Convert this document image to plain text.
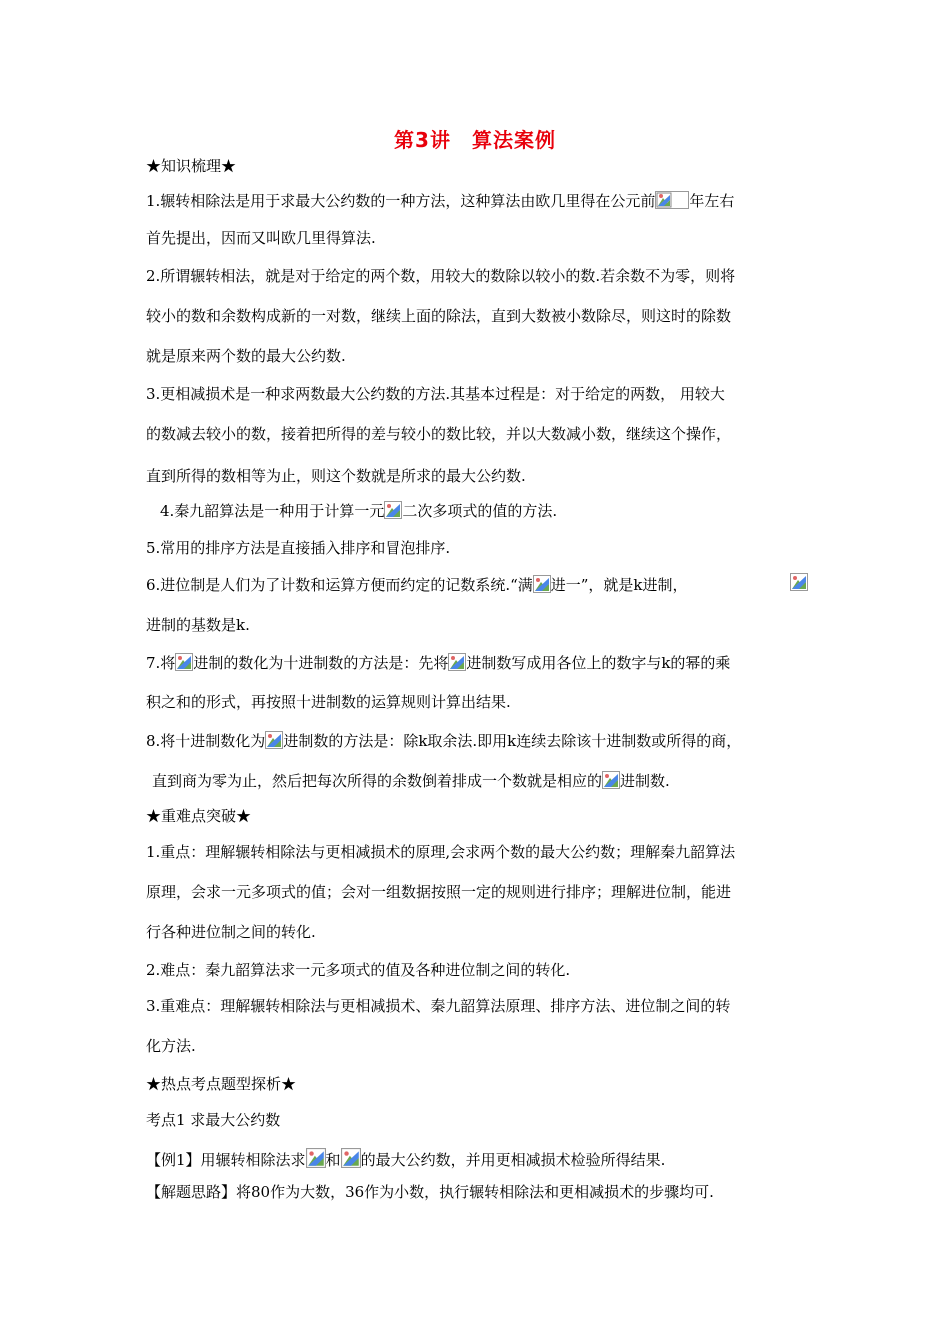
第3讲　算法案例
★知识梳理★
1.辗转相除法是用于求最大公约数的一种方法，这种算法由欧几里得在公元前 年左右
首先提出，因而又叫欧几里得算法.
2.所谓辗转相法，就是对于给定的两个数，用较大的数除以较小的数.若余数不为零，则将
较小的数和余数构成新的一对数，继续上面的除法，直到大数被小数除尽，则这时的除数
就是原来两个数的最大公约数.
3.更相减损术是一种求两数最大公约数的方法.其基本过程是：对于给定的两数， 用较大
的数减去较小的数，接着把所得的差与较小的数比较，并以大数减小数，继续这个操作，
直到所得的数相等为止，则这个数就是所求的最大公约数.
4.秦九韶算法是一种用于计算一元 二次多项式的值的方法.
5.常用的排序方法是直接插入排序和冒泡排序.
6.进位制是人们为了计数和运算方便而约定的记数系统.“满 进一”，就是k进制，
进制的基数是k.
7.将 进制的数化为十进制数的方法是：先将 进制数写成用各位上的数字与k的幂的乘
积之和的形式，再按照十进制数的运算规则计算出结果.
8.将十进制数化为 进制数的方法是：除k取余法.即用k连续去除该十进制数或所得的商，
直到商为零为止，然后把每次所得的余数倒着排成一个数就是相应的 进制数.
★重难点突破★
1.重点：理解辗转相除法与更相减损术的原理,会求两个数的最大公约数；理解秦九韶算法
原理，会求一元多项式的值；会对一组数据按照一定的规则进行排序；理解进位制，能进
行各种进位制之间的转化.
2.难点：秦九韶算法求一元多项式的值及各种进位制之间的转化.
3.重难点：理解辗转相除法与更相减损术、秦九韶算法原理、排序方法、进位制之间的转
化方法.
★热点考点题型探析★
考点1 求最大公约数
【例1】用辗转相除法求 和 的最大公约数，并用更相减损术检验所得结果.
【解题思路】将80作为大数，36作为小数，执行辗转相除法和更相减损术的步骤均可.
